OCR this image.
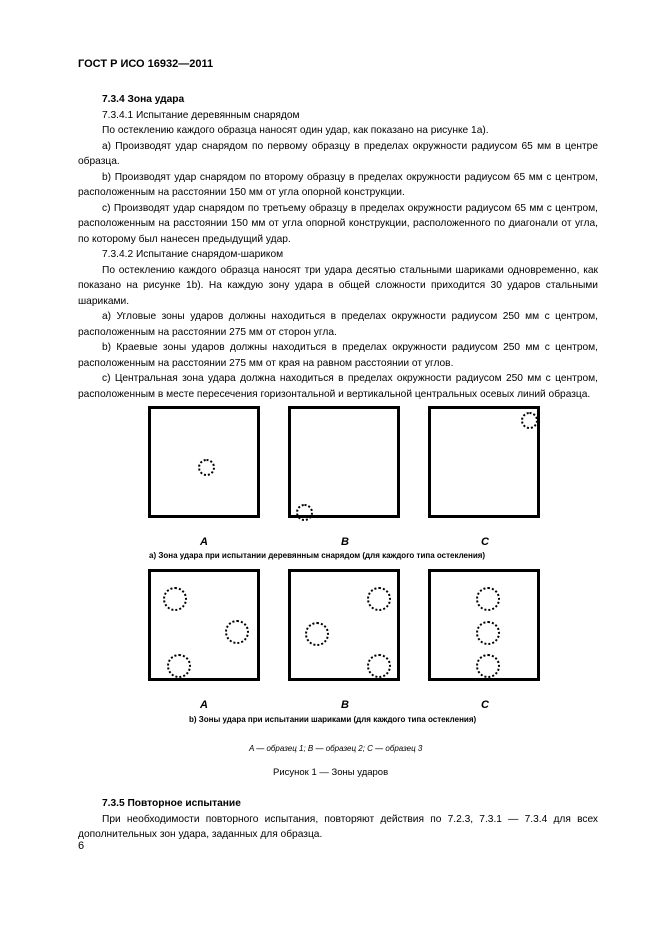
ГОСТ Р ИСО 16932—2011

7.3.4 Зона удара

7.3.4.1 Испытание деревянным снарядом

По остеклению каждого образца наносят один удар, как показано на рисунке 1а).

a) Производят удар снарядом по первому образцу в пределах окружности радиусом 65 мм в центре образца.

b) Производят удар снарядом по второму образцу в пределах окружности радиусом 65 мм с центром, расположенным на расстоянии 150 мм от угла опорной конструкции.

c) Производят удар снарядом по третьему образцу в пределах окружности радиусом 65 мм с центром, расположенным на расстоянии 150 мм от угла опорной конструкции, расположенного по диагонали от угла, по которому был нанесен предыдущий удар.

7.3.4.2 Испытание снарядом-шариком

По остеклению каждого образца наносят три удара десятью стальными шариками одновременно, как показано на рисунке 1b). На каждую зону удара в общей сложности приходится 30 ударов стальными шариками.

a) Угловые зоны ударов должны находиться в пределах окружности радиусом 250 мм с центром, расположенным на расстоянии 275 мм от сторон угла.

b) Краевые зоны ударов должны находиться в пределах окружности радиусом 250 мм с центром, расположенным на расстоянии 275 мм от края на равном расстоянии от углов.

c) Центральная зона удара должна находиться в пределах окружности радиусом 250 мм с центром, расположенным в месте пересечения горизонтальной и вертикальной центральных осевых линий образца.

A	B	C
a) Зона удара при испытании деревянным снарядом (для каждого типа остекления)
A	B	C
b) Зоны удара при испытании шариками (для каждого типа остекления)
A — образец 1; B — образец 2; C — образец 3
Рисунок 1 — Зоны ударов

7.3.5 Повторное испытание

При необходимости повторного испытания, повторяют действия по 7.2.3, 7.3.1 — 7.3.4 для всех дополнительных зон удара, заданных для образца.

6
